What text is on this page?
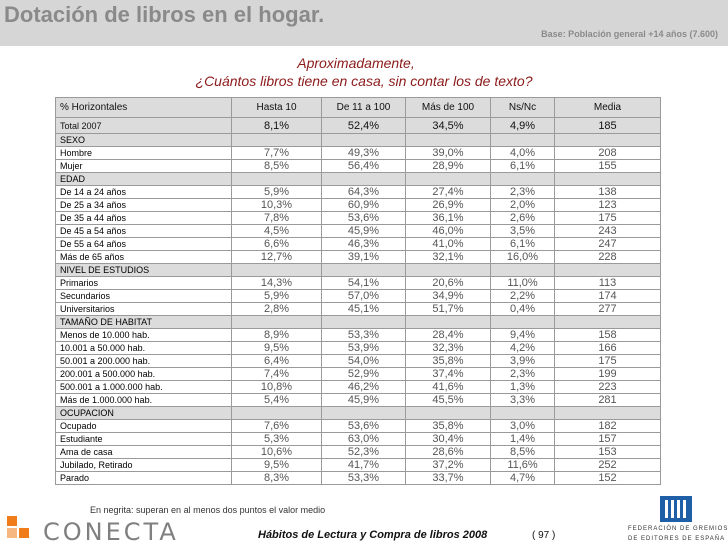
Dotación de libros en el hogar.
Base: Población general +14 años (7.600)
Aproximadamente,
¿Cuántos libros tiene en casa, sin contar los de texto?
% Horizontales	Hasta 10	De 11 a 100	Más de 100	Ns/Nc	Media
Total 2007	8,1%	52,4%	34,5%	4,9%	185
SEXO					
Hombre	7,7%	49,3%	39,0%	4,0%	208
Mujer	8,5%	56,4%	28,9%	6,1%	155
EDAD					
De 14 a 24 años	5,9%	64,3%	27,4%	2,3%	138
De 25 a 34 años	10,3%	60,9%	26,9%	2,0%	123
De 35 a 44 años	7,8%	53,6%	36,1%	2,6%	175
De 45 a 54 años	4,5%	45,9%	46,0%	3,5%	243
De 55 a 64 años	6,6%	46,3%	41,0%	6,1%	247
Más de 65 años	12,7%	39,1%	32,1%	16,0%	228
NIVEL DE ESTUDIOS					
Primarios	14,3%	54,1%	20,6%	11,0%	113
Secundarios	5,9%	57,0%	34,9%	2,2%	174
Universitarios	2,8%	45,1%	51,7%	0,4%	277
TAMAÑO DE HABITAT					
Menos de 10.000 hab.	8,9%	53,3%	28,4%	9,4%	158
10.001 a 50.000 hab.	9,5%	53,9%	32,3%	4,2%	166
50.001 a 200.000 hab.	6,4%	54,0%	35,8%	3,9%	175
200.001 a 500.000 hab.	7,4%	52,9%	37,4%	2,3%	199
500.001 a 1.000.000 hab.	10,8%	46,2%	41,6%	1,3%	223
Más de 1.000.000 hab.	5,4%	45,9%	45,5%	3,3%	281
OCUPACION					
Ocupado	7,6%	53,6%	35,8%	3,0%	182
Estudiante	5,3%	63,0%	30,4%	1,4%	157
Ama de casa	10,6%	52,3%	28,6%	8,5%	153
Jubilado, Retirado	9,5%	41,7%	37,2%	11,6%	252
Parado	8,3%	53,3%	33,7%	4,7%	152
En negrita: superan en al menos dos puntos el valor medio
CONECTA	Hábitos de Lectura y Compra de libros 2008	( 97 )
FEDERACIÓN DE GREMIOS
DE EDITORES DE ESPAÑA
